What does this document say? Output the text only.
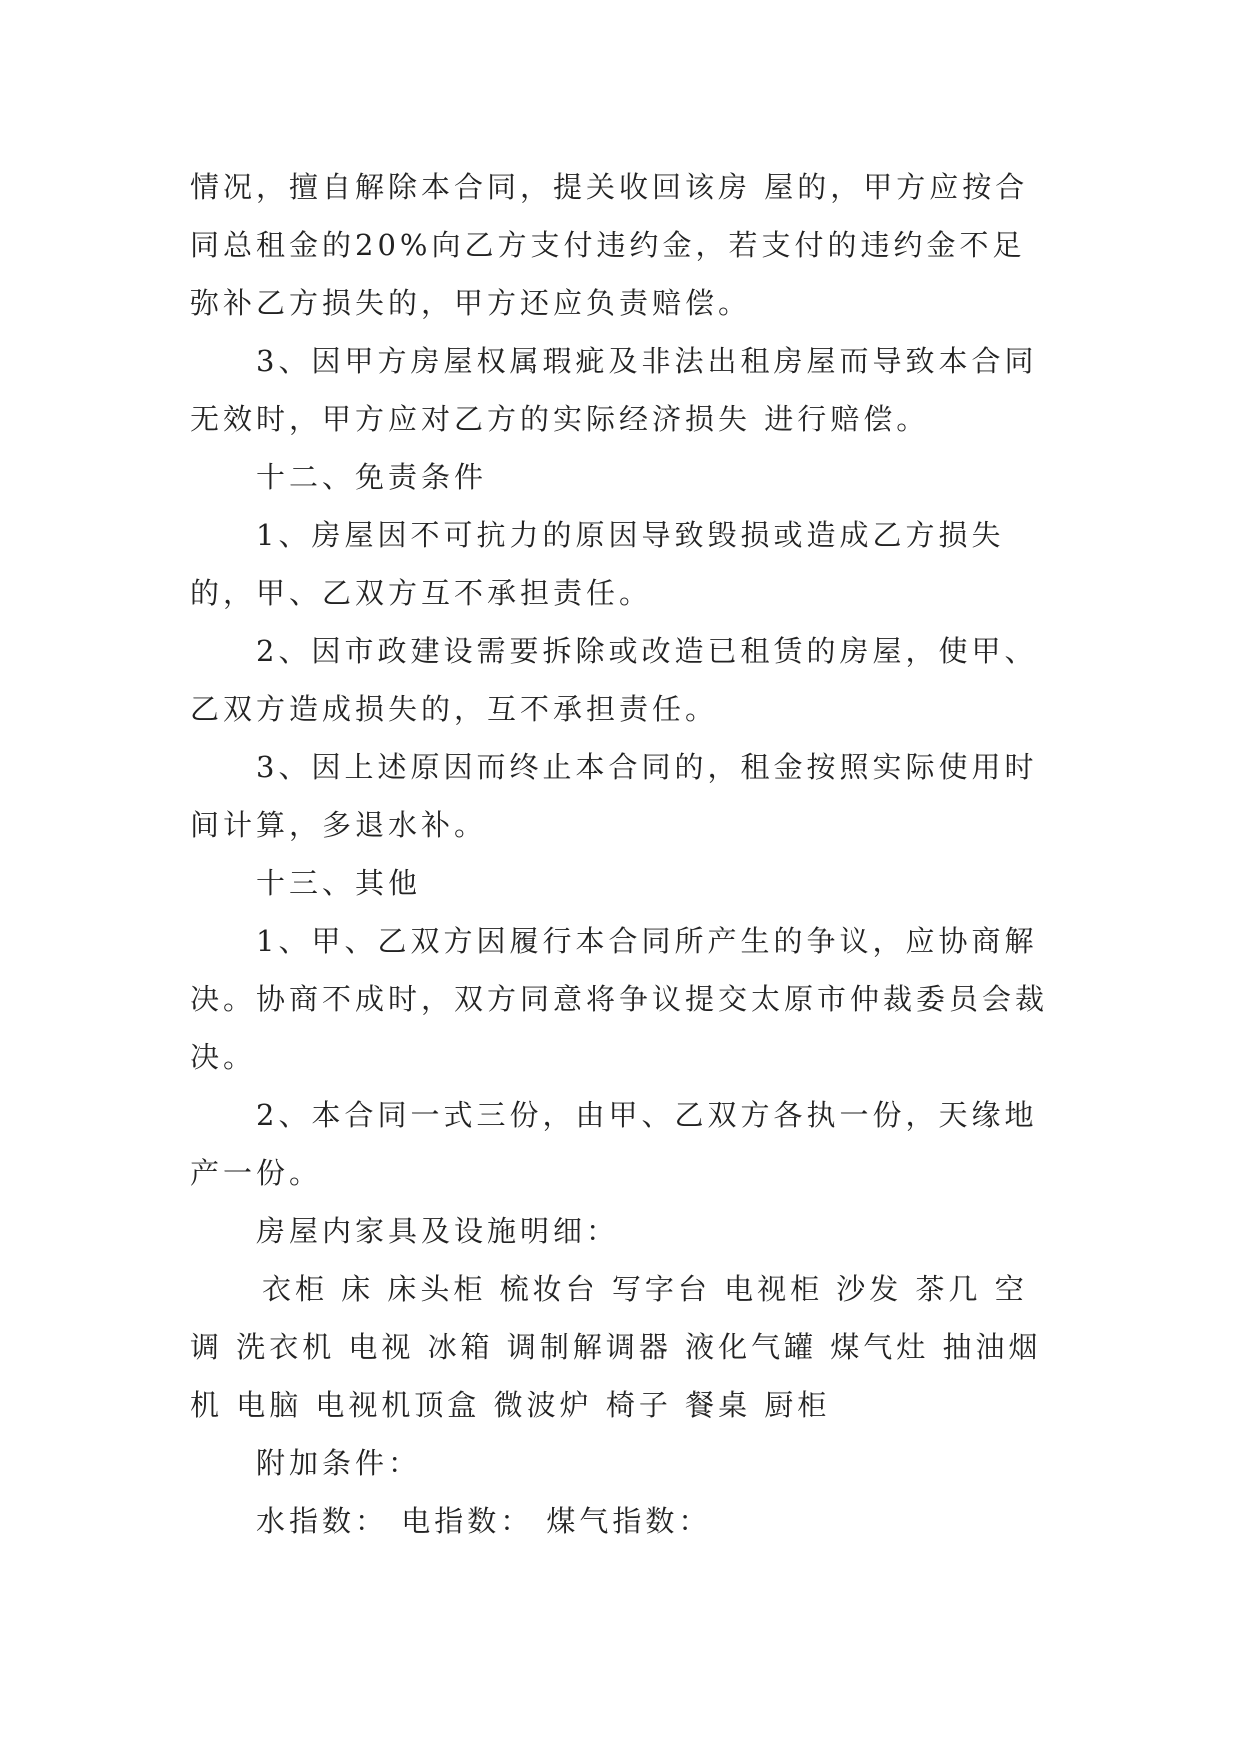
情况，擅自解除本合同，提关收回该房 屋的，甲方应按合同总租金的20%向乙方支付违约金，若支付的违约金不足弥补乙方损失的，甲方还应负责赔偿。

3、因甲方房屋权属瑕疵及非法出租房屋而导致本合同无效时，甲方应对乙方的实际经济损失 进行赔偿。

十二、免责条件

1、房屋因不可抗力的原因导致毁损或造成乙方损失的，甲、乙双方互不承担责任。

2、因市政建设需要拆除或改造已租赁的房屋，使甲、乙双方造成损失的，互不承担责任。

3、因上述原因而终止本合同的，租金按照实际使用时间计算，多退水补。

十三、其他

1、甲、乙双方因履行本合同所产生的争议，应协商解决。协商不成时，双方同意将争议提交太原市仲裁委员会裁决。

2、本合同一式三份，由甲、乙双方各执一份，天缘地产一份。

房屋内家具及设施明细：

衣柜 床 床头柜 梳妆台 写字台 电视柜 沙发 茶几 空调 洗衣机 电视 冰箱 调制解调器 液化气罐 煤气灶 抽油烟机 电脑 电视机顶盒 微波炉 椅子 餐桌 厨柜

附加条件：

水指数： 电指数： 煤气指数：
